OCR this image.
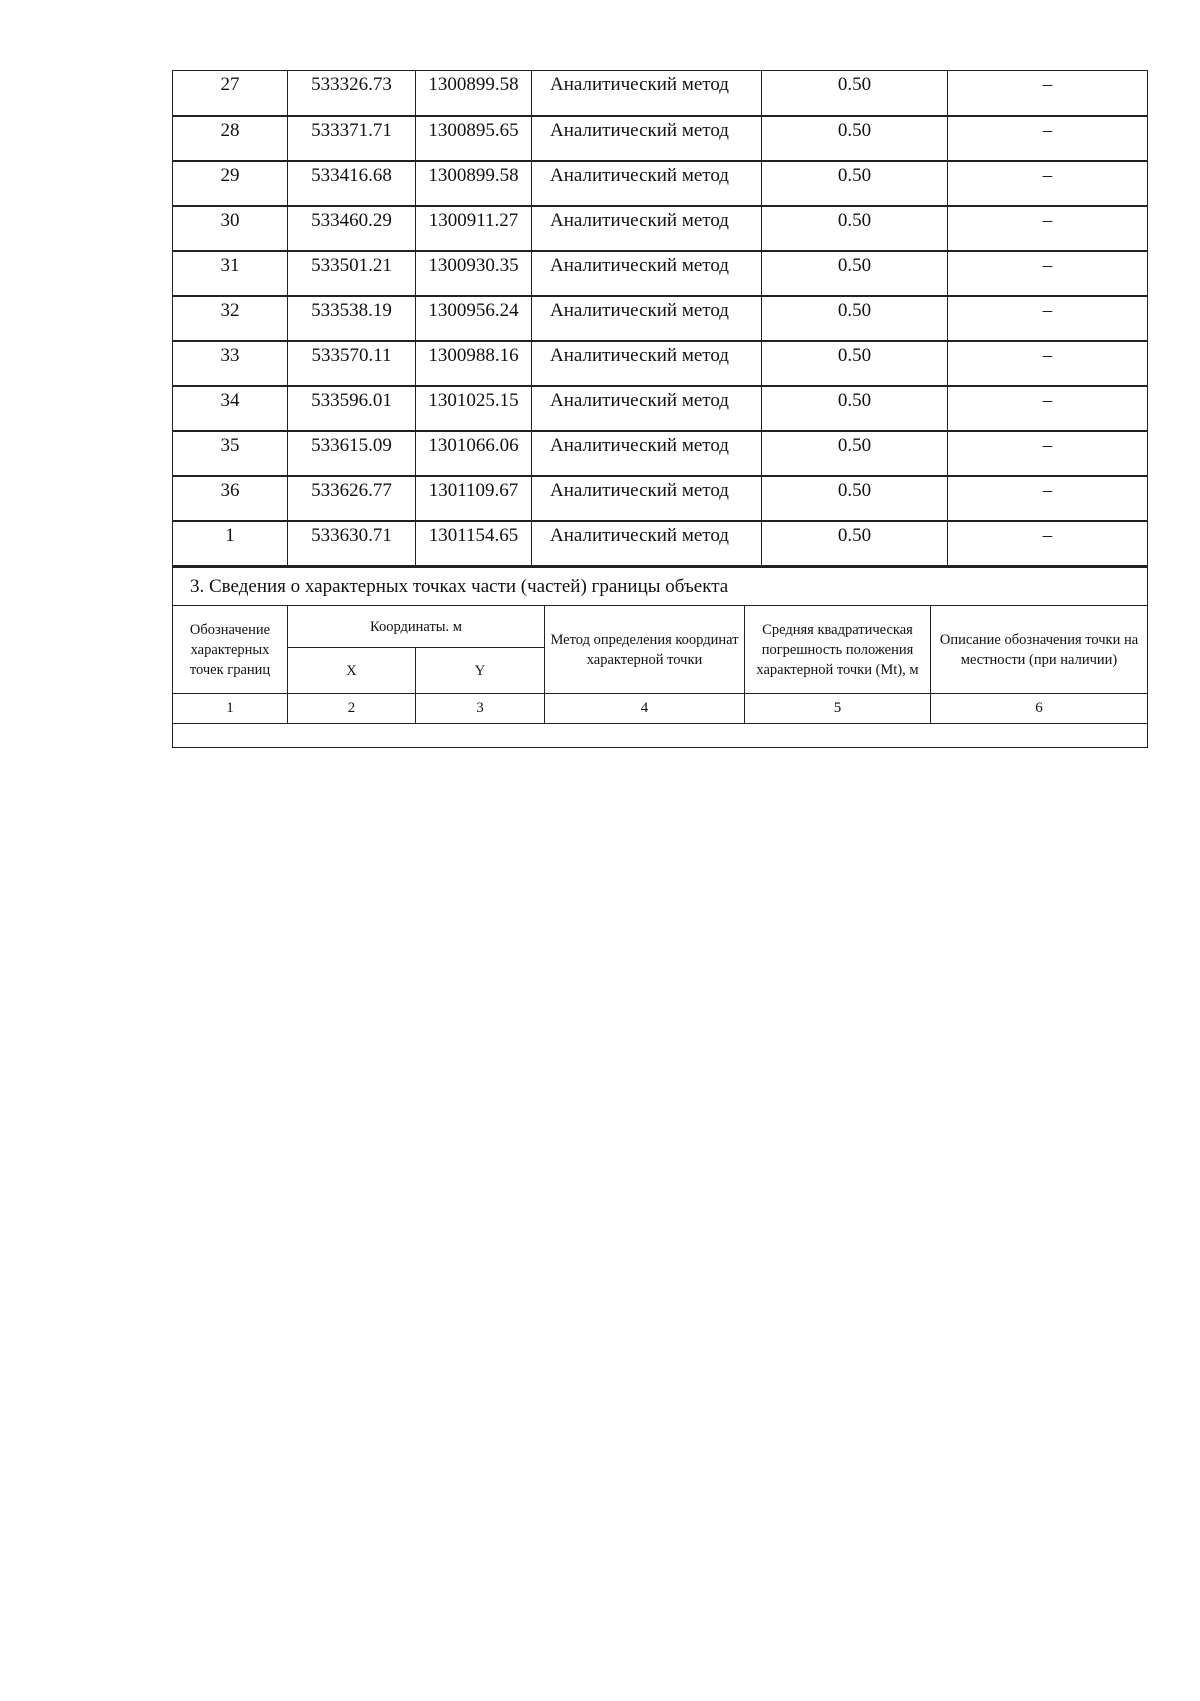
27	533326.73	1300899.58	Аналитический метод	0.50	–
28	533371.71	1300895.65	Аналитический метод	0.50	–
29	533416.68	1300899.58	Аналитический метод	0.50	–
30	533460.29	1300911.27	Аналитический метод	0.50	–
31	533501.21	1300930.35	Аналитический метод	0.50	–
32	533538.19	1300956.24	Аналитический метод	0.50	–
33	533570.11	1300988.16	Аналитический метод	0.50	–
34	533596.01	1301025.15	Аналитический метод	0.50	–
35	533615.09	1301066.06	Аналитический метод	0.50	–
36	533626.77	1301109.67	Аналитический метод	0.50	–
1	533630.71	1301154.65	Аналитический метод	0.50	–
3. Сведения о характерных точках части (частей) границы объекта					
Обозначение характерных точек границ	Координаты. м		Метод определения координат характерной точки	Средняя квадратическая погрешность положения характерной точки (Mt), м	Описание обозначения точки на местности (при наличии)
	X	Y			
1	2	3	4	5	6
